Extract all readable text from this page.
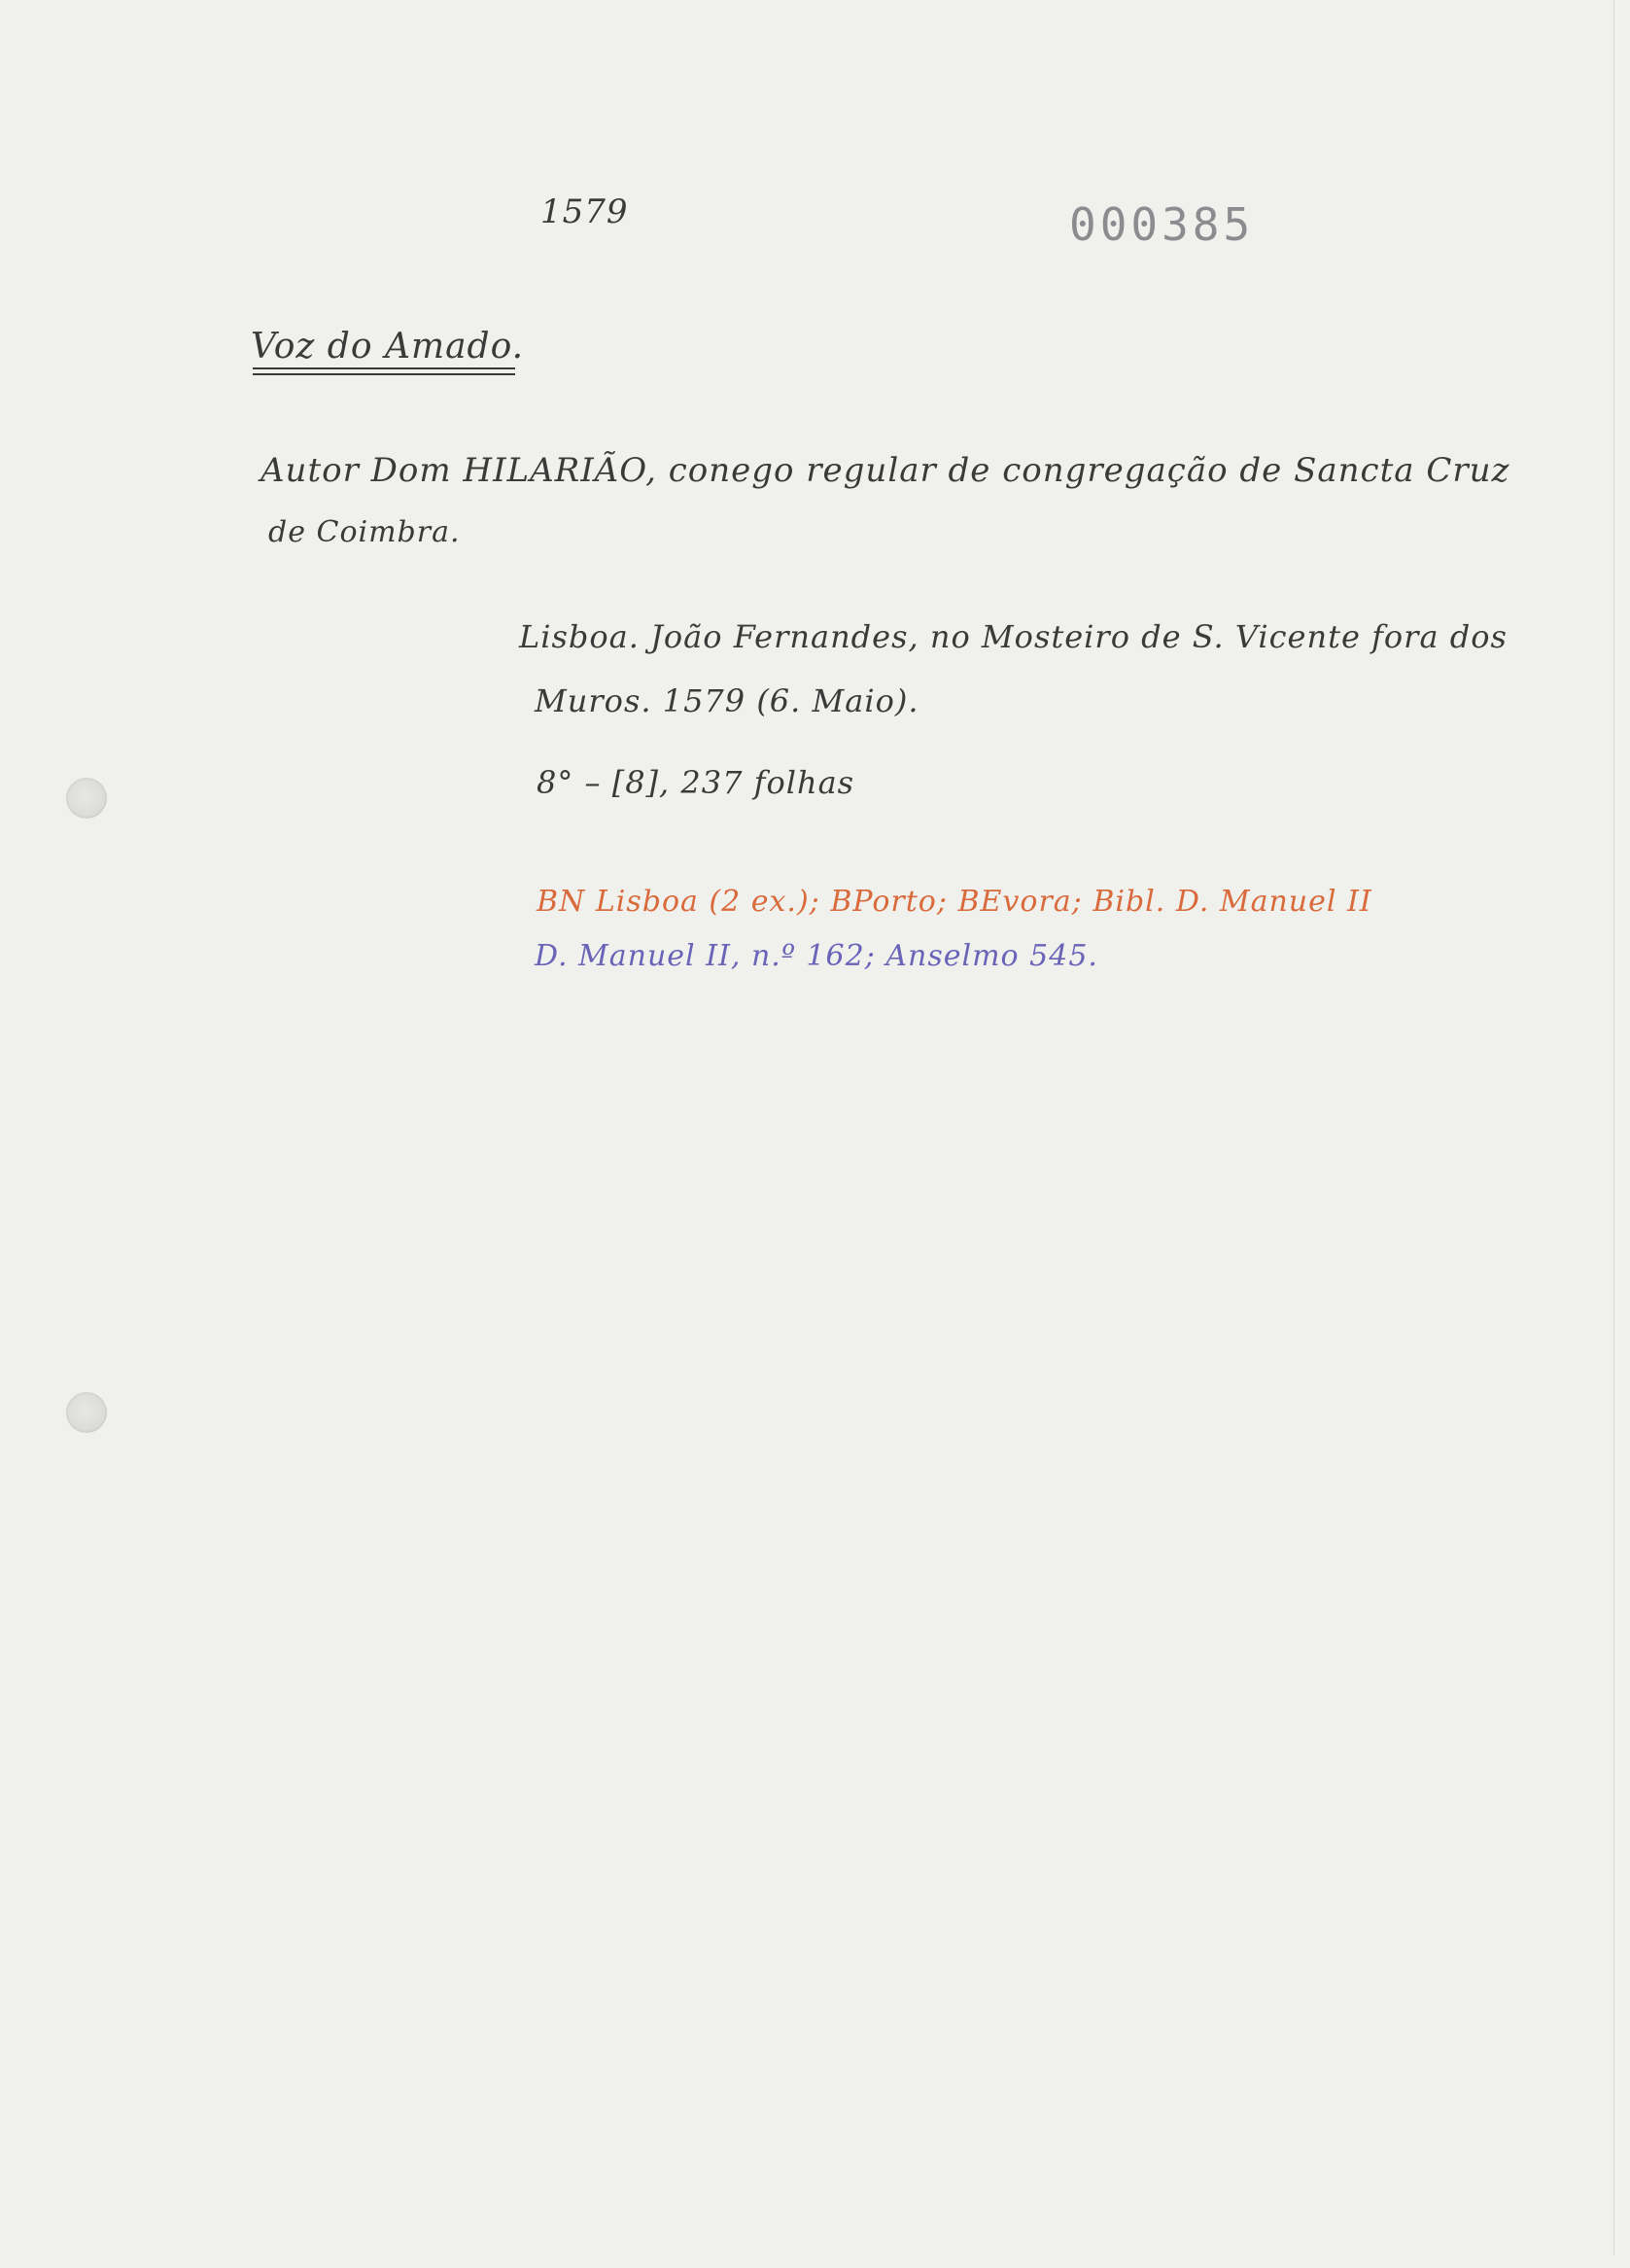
1579	000385
Voz do Amado.
Autor Dom HILARIÃO, conego regular de congregação de Sancta Cruz
de Coimbra.
Lisboa. João Fernandes, no Mosteiro de S. Vicente fora dos
Muros. 1579 (6. Maio).
8° – [8], 237 folhas
BN Lisboa (2 ex.); BPorto; BEvora; Bibl. D. Manuel II
D. Manuel II, n.º 162; Anselmo 545.
